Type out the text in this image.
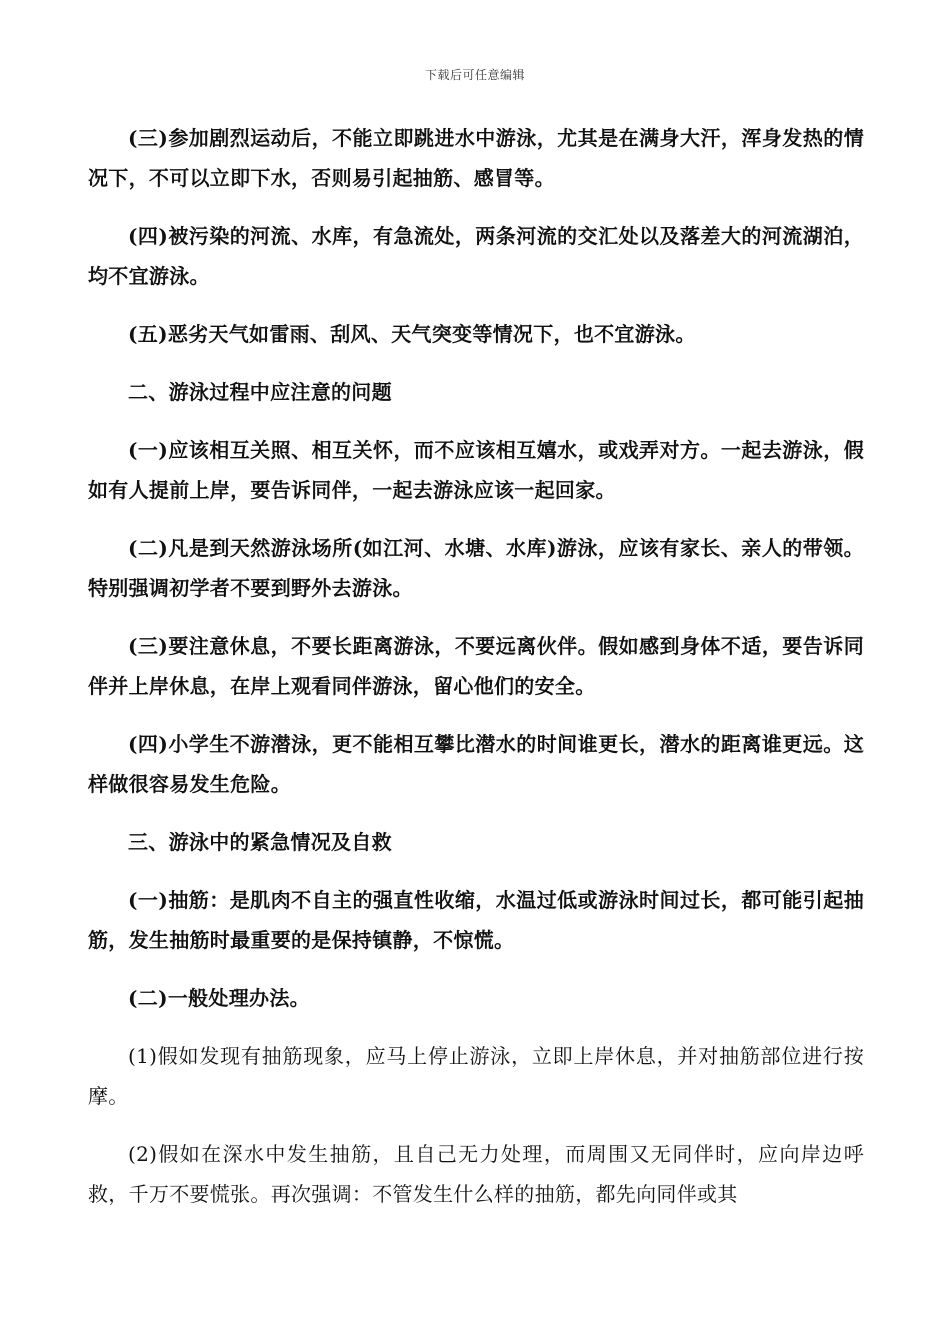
下载后可任意编辑

(三)参加剧烈运动后，不能立即跳进水中游泳，尤其是在满身大汗，浑身发热的情况下，不可以立即下水，否则易引起抽筋、感冒等。

(四)被污染的河流、水库，有急流处，两条河流的交汇处以及落差大的河流湖泊，均不宜游泳。

(五)恶劣天气如雷雨、刮风、天气突变等情况下，也不宜游泳。

二、游泳过程中应注意的问题

(一)应该相互关照、相互关怀，而不应该相互嬉水，或戏弄对方。一起去游泳，假如有人提前上岸，要告诉同伴，一起去游泳应该一起回家。

(二)凡是到天然游泳场所(如江河、水塘、水库)游泳，应该有家长、亲人的带领。特别强调初学者不要到野外去游泳。

(三)要注意休息，不要长距离游泳，不要远离伙伴。假如感到身体不适，要告诉同伴并上岸休息，在岸上观看同伴游泳，留心他们的安全。

(四)小学生不游潜泳，更不能相互攀比潜水的时间谁更长，潜水的距离谁更远。这样做很容易发生危险。

三、游泳中的紧急情况及自救

(一)抽筋：是肌肉不自主的强直性收缩，水温过低或游泳时间过长，都可能引起抽筋，发生抽筋时最重要的是保持镇静，不惊慌。

(二)一般处理办法。

(1)假如发现有抽筋现象，应马上停止游泳，立即上岸休息，并对抽筋部位进行按摩。

(2)假如在深水中发生抽筋，且自己无力处理，而周围又无同伴时，应向岸边呼救，千万不要慌张。再次强调：不管发生什么样的抽筋，都先向同伴或其
